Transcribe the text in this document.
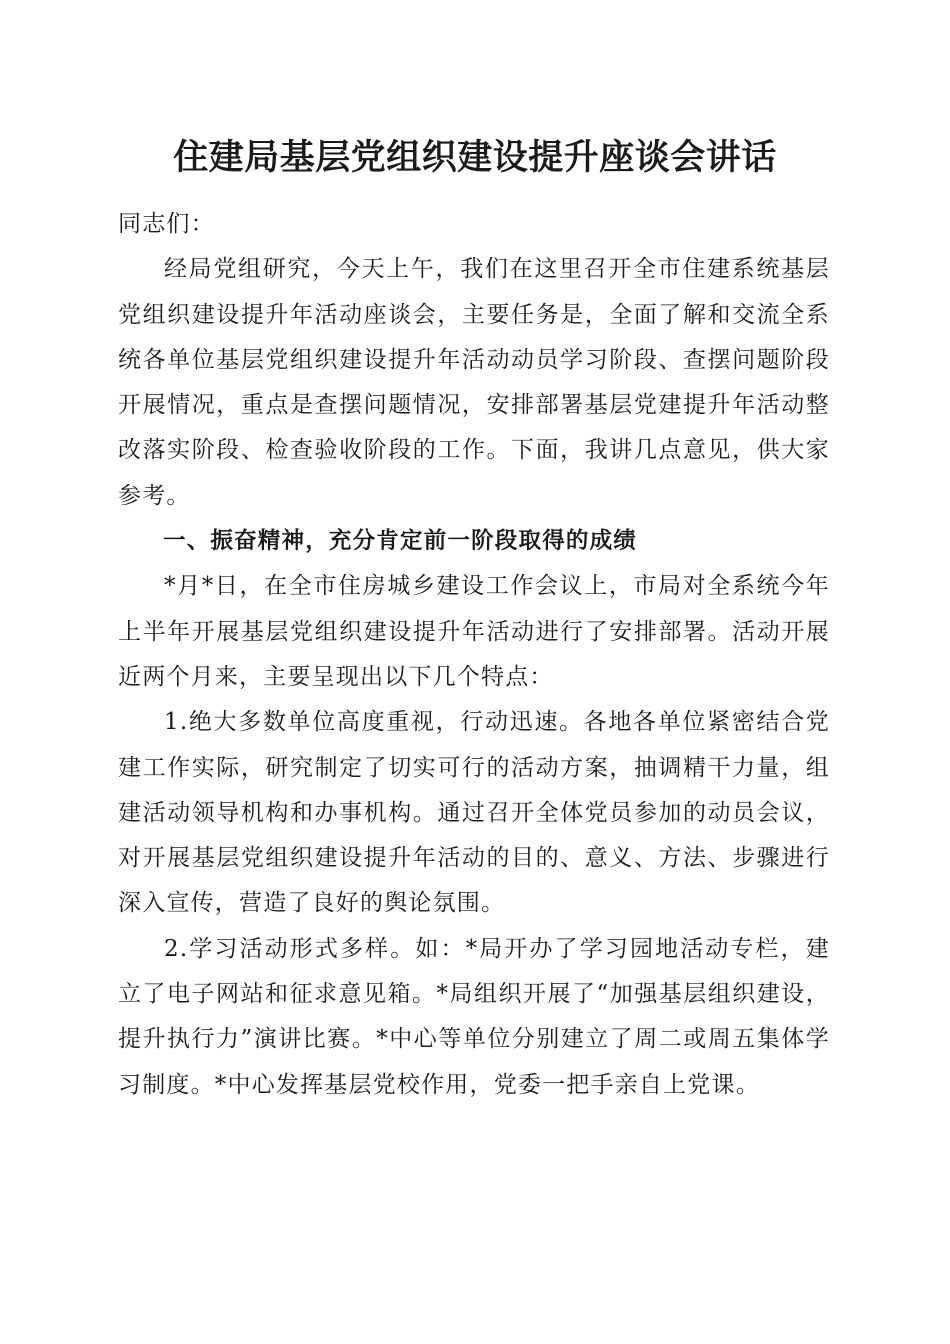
住建局基层党组织建设提升座谈会讲话

同志们：

经局党组研究，今天上午，我们在这里召开全市住建系统基层党组织建设提升年活动座谈会，主要任务是，全面了解和交流全系统各单位基层党组织建设提升年活动动员学习阶段、查摆问题阶段开展情况，重点是查摆问题情况，安排部署基层党建提升年活动整改落实阶段、检查验收阶段的工作。下面，我讲几点意见，供大家参考。

一、振奋精神，充分肯定前一阶段取得的成绩

*月*日，在全市住房城乡建设工作会议上，市局对全系统今年上半年开展基层党组织建设提升年活动进行了安排部署。活动开展近两个月来，主要呈现出以下几个特点：

1.绝大多数单位高度重视，行动迅速。各地各单位紧密结合党建工作实际，研究制定了切实可行的活动方案，抽调精干力量，组建活动领导机构和办事机构。通过召开全体党员参加的动员会议，对开展基层党组织建设提升年活动的目的、意义、方法、步骤进行深入宣传，营造了良好的舆论氛围。

2.学习活动形式多样。如：*局开办了学习园地活动专栏，建立了电子网站和征求意见箱。*局组织开展了“加强基层组织建设，提升执行力”演讲比赛。*中心等单位分别建立了周二或周五集体学习制度。*中心发挥基层党校作用，党委一把手亲自上党课。
